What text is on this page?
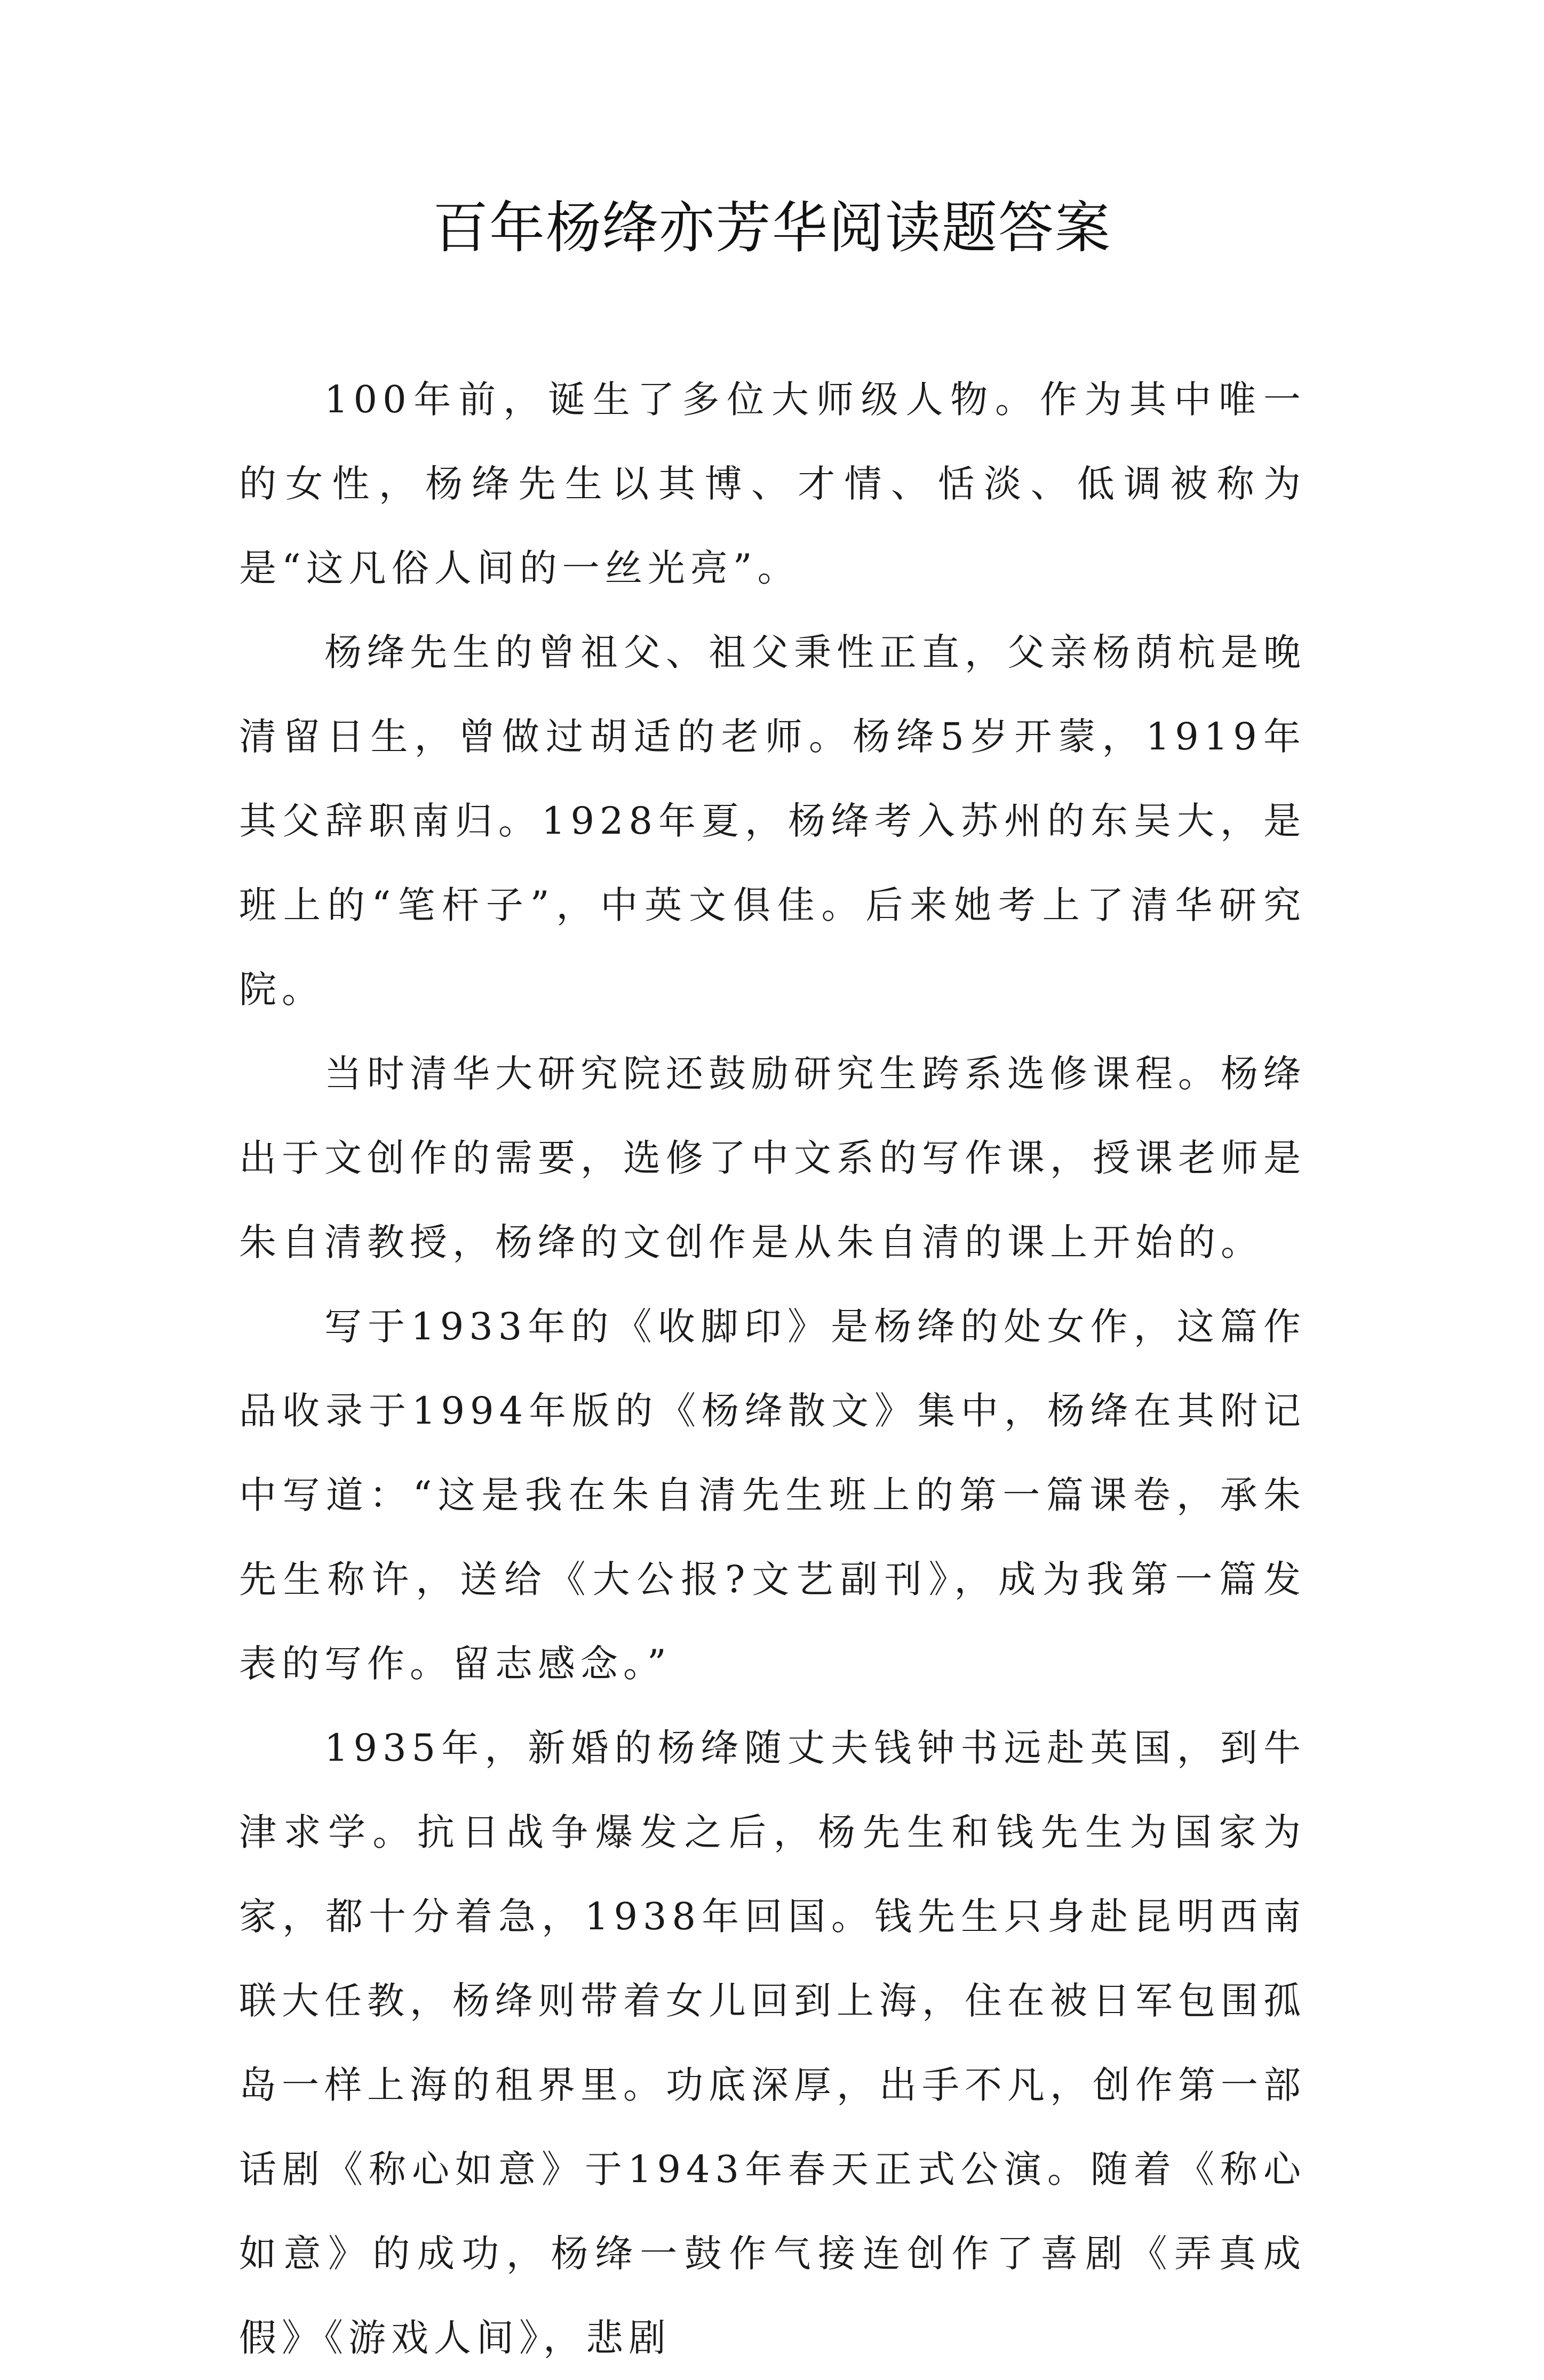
百年杨绛亦芳华阅读题答案

100年前，诞生了多位大师级人物。作为其中唯一的女性，杨绛先生以其博、才情、恬淡、低调被称为是“这凡俗人间的一丝光亮”。

杨绛先生的曾祖父、祖父秉性正直，父亲杨荫杭是晚清留日生，曾做过胡适的老师。杨绛5岁开蒙，1919年其父辞职南归。1928年夏，杨绛考入苏州的东吴大，是班上的“笔杆子”，中英文俱佳。后来她考上了清华研究院。

当时清华大研究院还鼓励研究生跨系选修课程。杨绛出于文创作的需要，选修了中文系的写作课，授课老师是朱自清教授，杨绛的文创作是从朱自清的课上开始的。

写于1933年的《收脚印》是杨绛的处女作，这篇作品收录于1994年版的《杨绛散文》集中，杨绛在其附记中写道：“这是我在朱自清先生班上的第一篇课卷，承朱先生称许，送给《大公报?文艺副刊》，成为我第一篇发表的写作。留志感念。”

1935年，新婚的杨绛随丈夫钱钟书远赴英国，到牛津求学。抗日战争爆发之后，杨先生和钱先生为国家为家，都十分着急，1938年回国。钱先生只身赴昆明西南联大任教，杨绛则带着女儿回到上海，住在被日军包围孤岛一样上海的租界里。功底深厚，出手不凡，创作第一部话剧《称心如意》于1943年春天正式公演。随着《称心如意》的成功，杨绛一鼓作气接连创作了喜剧《弄真成假》《游戏人间》，悲剧
